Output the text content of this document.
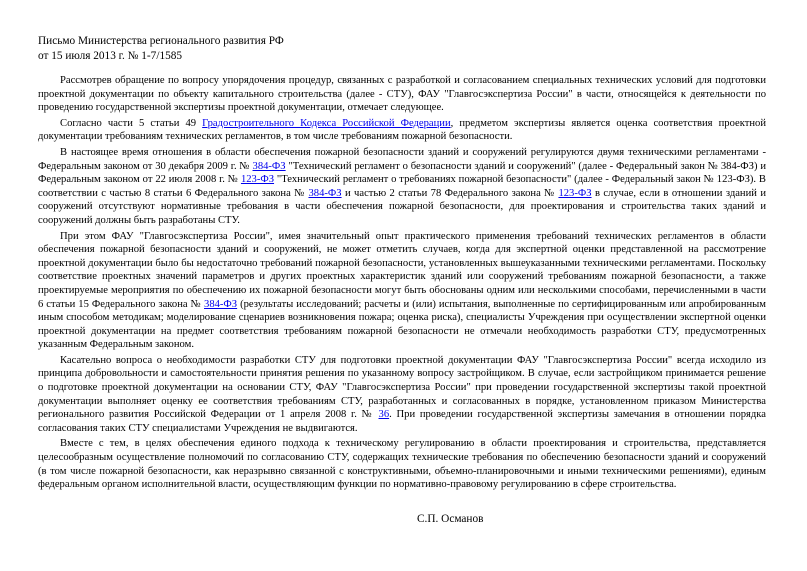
Письмо Министерства регионального развития РФ
от 15 июля 2013 г. № 1-7/1585

Рассмотрев обращение по вопросу упорядочения процедур, связанных с разработкой и согласованием специальных технических условий для подготовки проектной документации по объекту капитального строительства (далее - СТУ), ФАУ "Главгосэкспертиза России" в части, относящейся к деятельности по проведению государственной экспертизы проектной документации, отмечает следующее.

Согласно части 5 статьи 49 Градостроительного Кодекса Российской Федерации, предметом экспертизы является оценка соответствия проектной документации требованиям технических регламентов, в том числе требованиям пожарной безопасности.

В настоящее время отношения в области обеспечения пожарной безопасности зданий и сооружений регулируются двумя техническими регламентами - Федеральным законом от 30 декабря 2009 г. № 384-ФЗ "Технический регламент о безопасности зданий и сооружений" (далее - Федеральный закон № 384-ФЗ) и Федеральным законом от 22 июля 2008 г. № 123-ФЗ "Технический регламент о требованиях пожарной безопасности" (далее - Федеральный закон № 123-ФЗ). В соответствии с частью 8 статьи 6 Федерального закона № 384-ФЗ и частью 2 статьи 78 Федерального закона № 123-ФЗ в случае, если в отношении зданий и сооружений отсутствуют нормативные требования в части обеспечения пожарной безопасности, для проектирования и строительства таких зданий и сооружений должны быть разработаны СТУ.

При этом ФАУ "Главгосэкспертиза России", имея значительный опыт практического применения требований технических регламентов в области обеспечения пожарной безопасности зданий и сооружений, не может отметить случаев, когда для экспертной оценки представленной на рассмотрение проектной документации было бы недостаточно требований пожарной безопасности, установленных вышеуказанными техническими регламентами. Поскольку соответствие проектных значений параметров и других проектных характеристик зданий или сооружений требованиям пожарной безопасности, а также проектируемые мероприятия по обеспечению их пожарной безопасности могут быть обоснованы одним или несколькими способами, перечисленными в части 6 статьи 15 Федерального закона № 384-ФЗ (результаты исследований; расчеты и (или) испытания, выполненные по сертифицированным или апробированным иным способом методикам; моделирование сценариев возникновения пожара; оценка риска), специалисты Учреждения при осуществлении экспертной оценки проектной документации на предмет соответствия требованиям пожарной безопасности не отмечали необходимость разработки СТУ, предусмотренных указанным Федеральным законом.

Касательно вопроса о необходимости разработки СТУ для подготовки проектной документации ФАУ "Главгосэкспертиза России" всегда исходило из принципа добровольности и самостоятельности принятия решения по указанному вопросу застройщиком. В случае, если застройщиком принимается решение о подготовке проектной документации на основании СТУ, ФАУ "Главгосэкспертиза России" при проведении государственной экспертизы такой проектной документации выполняет оценку ее соответствия требованиям СТУ, разработанных и согласованных в порядке, установленном приказом Министерства регионального развития Российской Федерации от 1 апреля 2008 г. № 36. При проведении государственной экспертизы замечания в отношении порядка согласования таких СТУ специалистами Учреждения не выдвигаются.

Вместе с тем, в целях обеспечения единого подхода к техническому регулированию в области проектирования и строительства, представляется целесообразным осуществление полномочий по согласованию СТУ, содержащих технические требования по обеспечению безопасности зданий и сооружений (в том числе пожарной безопасности, как неразрывно связанной с конструктивными, объемно-планировочными и иными техническими решениями), единым федеральным органом исполнительной власти, осуществляющим функции по нормативно-правовому регулированию в сфере строительства.

С.П. Османов
